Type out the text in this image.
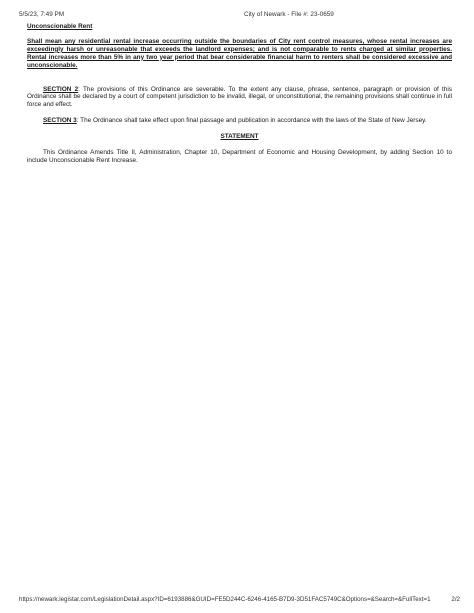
5/5/23, 7:49 PM	City of Newark - File #: 23-0659

Unconscionable Rent

Shall mean any residential rental increase occurring outside the boundaries of City rent control measures, whose rental increases are exceedingly harsh or unreasonable that exceeds the landlord expenses; and is not comparable to rents charged at similar properties. Rental increases more than 5% in any two year period that bear considerable financial harm to renters shall be considered excessive and unconscionable.

SECTION 2: The provisions of this Ordinance are severable. To the extent any clause, phrase, sentence, paragraph or provision of this Ordinance shall be declared by a court of competent jurisdiction to be invalid, illegal, or unconstitutional, the remaining provisions shall continue in full force and effect.

SECTION 3: The Ordinance shall take effect upon final passage and publication in accordance with the laws of the State of New Jersey.

STATEMENT

This Ordinance Amends Title II, Administration, Chapter 10, Department of Economic and Housing Development, by adding Section 10 to include Unconscionable Rent Increase.

https://newark.legistar.com/LegislationDetail.aspx?ID=6193886&GUID=FE5D244C-6246-4165-B7D9-3D51FAC5749C&Options=&Search=&FullText=1	2/2
